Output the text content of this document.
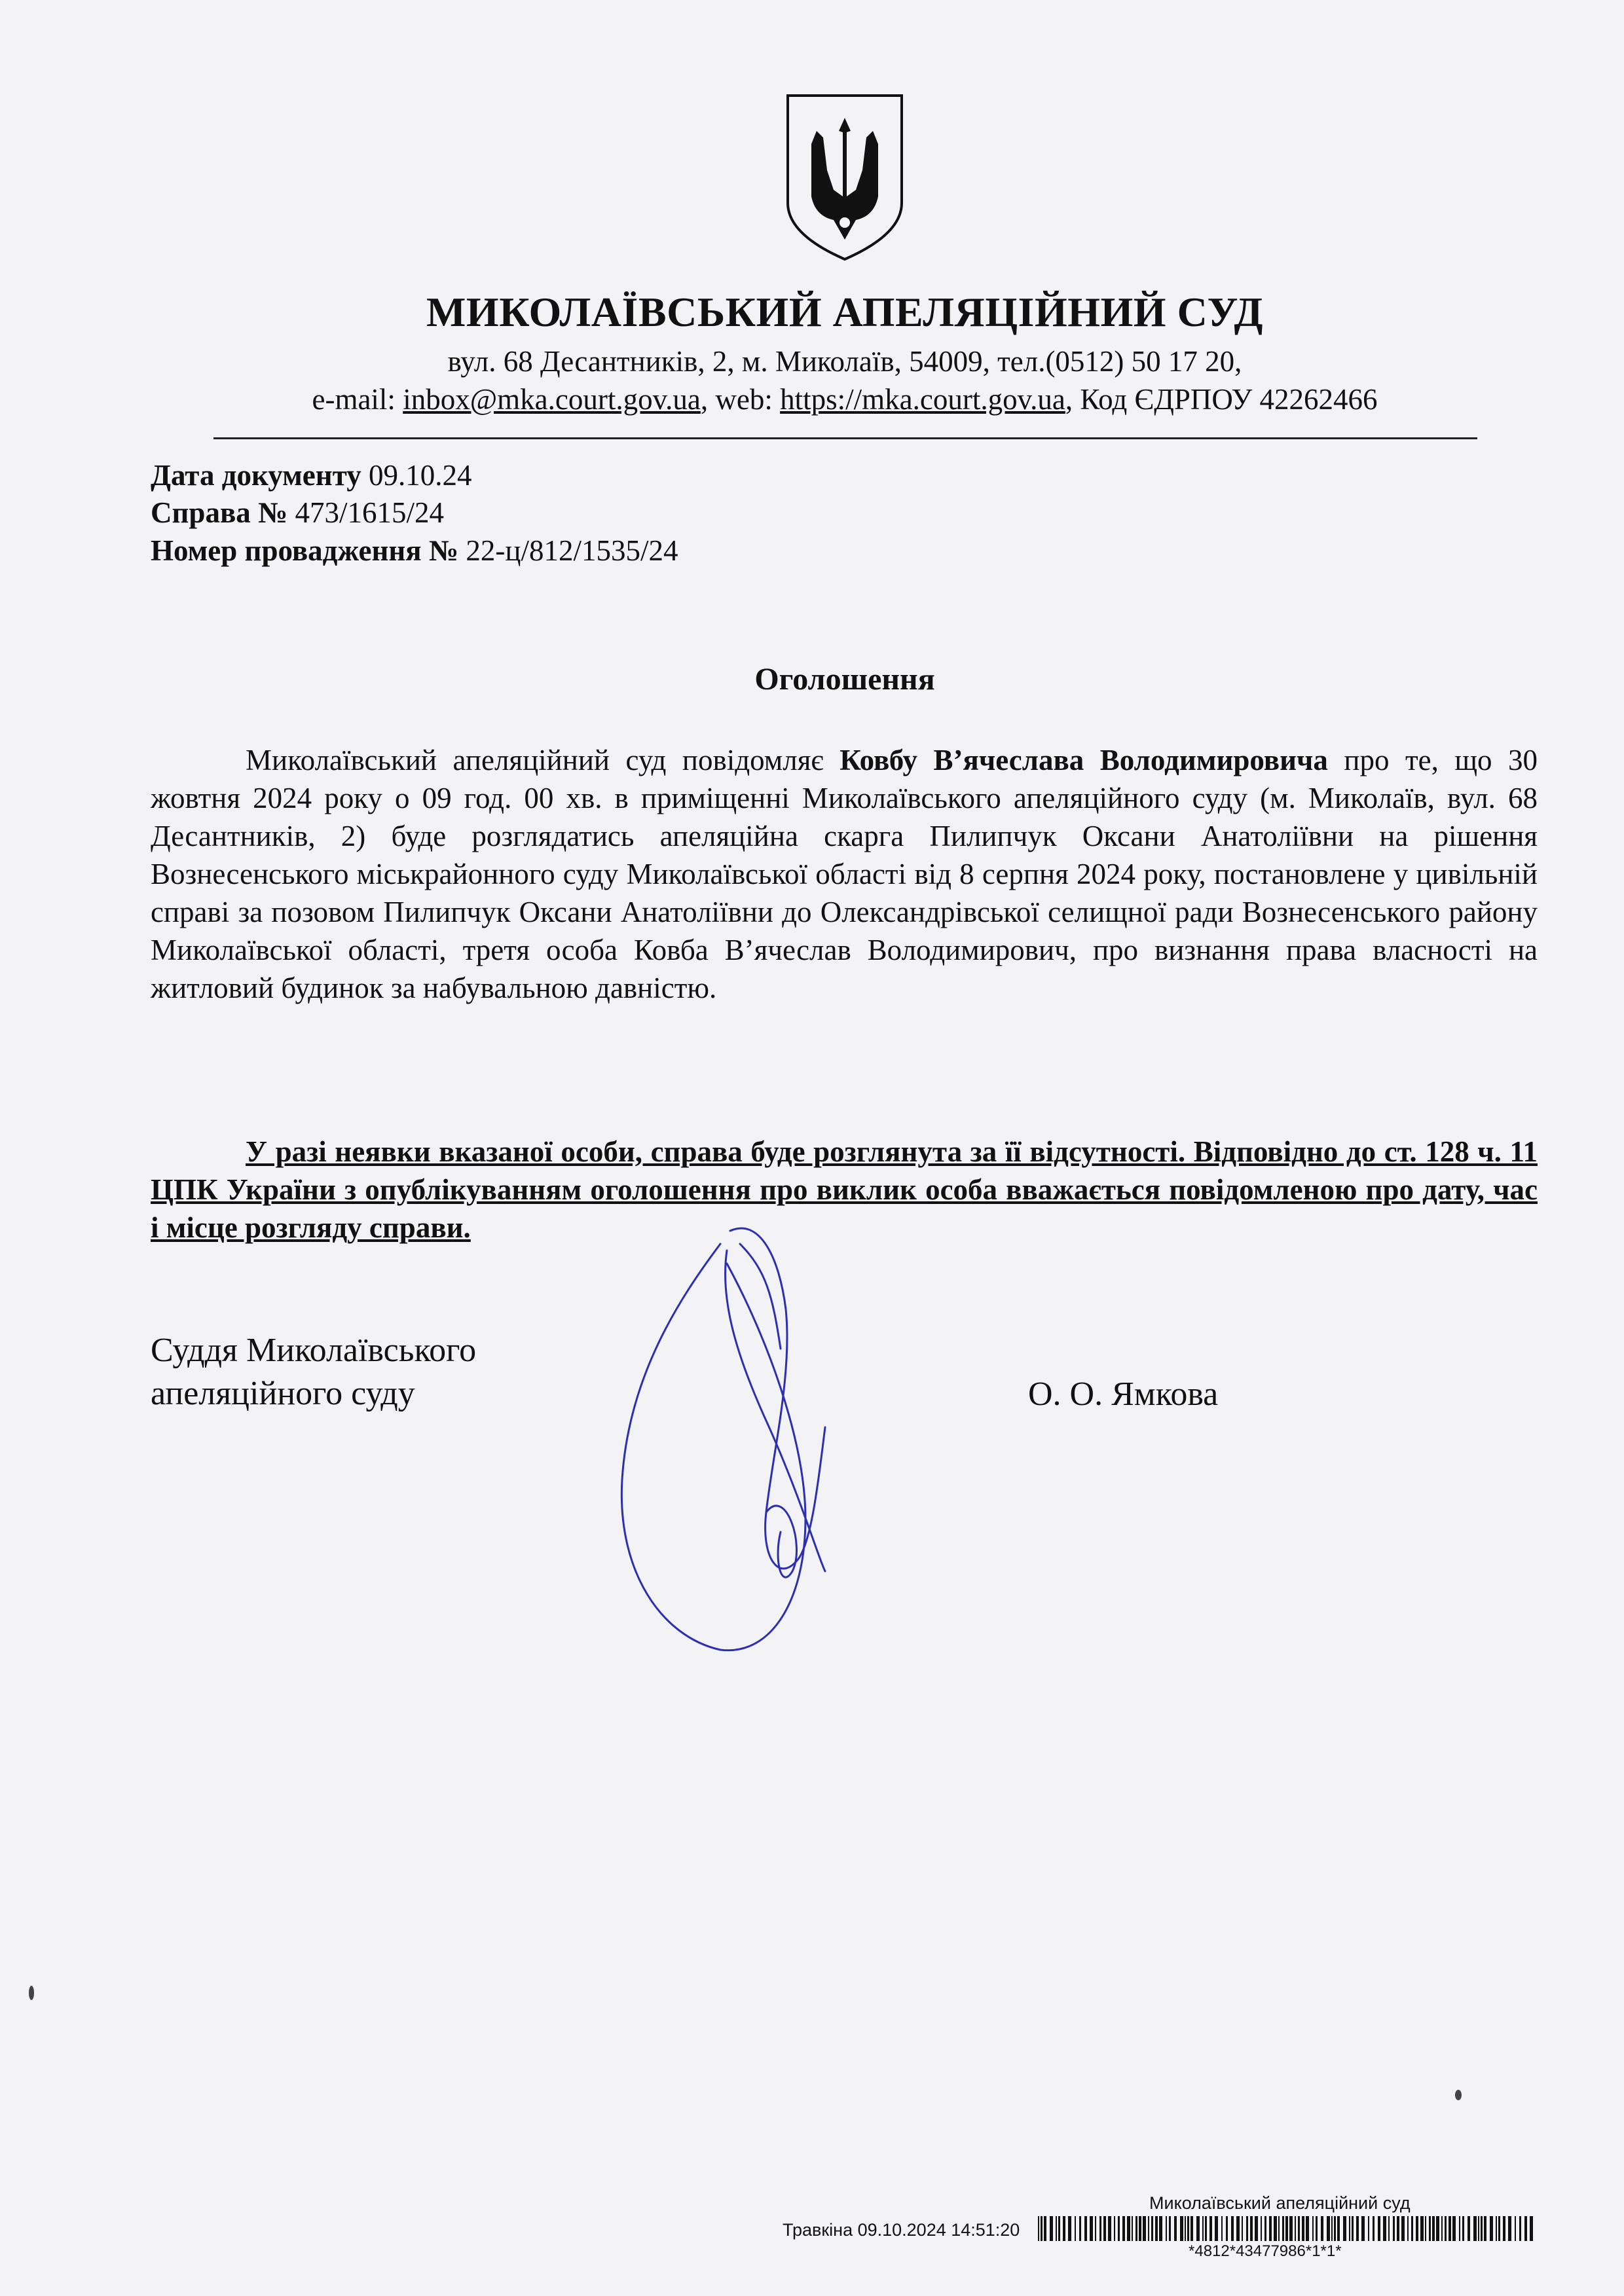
МИКОЛАЇВСЬКИЙ АПЕЛЯЦІЙНИЙ СУД
вул. 68 Десантників, 2, м. Миколаїв, 54009, тел.(0512) 50 17 20,
e-mail: inbox@mka.court.gov.ua, web: https://mka.court.gov.ua, Код ЄДРПОУ 42262466
Дата документу 09.10.24
Справа № 473/1615/24
Номер провадження № 22-ц/812/1535/24
Оголошення
Миколаївський апеляційний суд повідомляє Ковбу В’ячеслава Володимировича про те, що 30 жовтня 2024 року о 09 год. 00 хв. в приміщенні Миколаївського апеляційного суду (м. Миколаїв, вул. 68 Десантників, 2) буде розглядатись апеляційна скарга Пилипчук Оксани Анатоліївни на рішення Вознесенського міськрайонного суду Миколаївської області від 8 серпня 2024 року, постановлене у цивільній справі за позовом Пилипчук Оксани Анатоліївни до Олександрівської селищної ради Вознесенського району Миколаївської області, третя особа Ковба В’ячеслав Володимирович, про визнання права власності на житловий будинок за набувальною давністю.
У разі неявки вказаної особи, справа буде розглянута за її відсутності. Відповідно до ст. 128 ч. 11 ЦПК України з опублікуванням оголошення про виклик особа вважається повідомленою про дату, час і місце розгляду справи.
Суддя Миколаївського
апеляційного суду	О. О. Ямкова
Миколаївський апеляційний суд
Травкіна 09.10.2024 14:51:20
*4812*43477986*1*1*
